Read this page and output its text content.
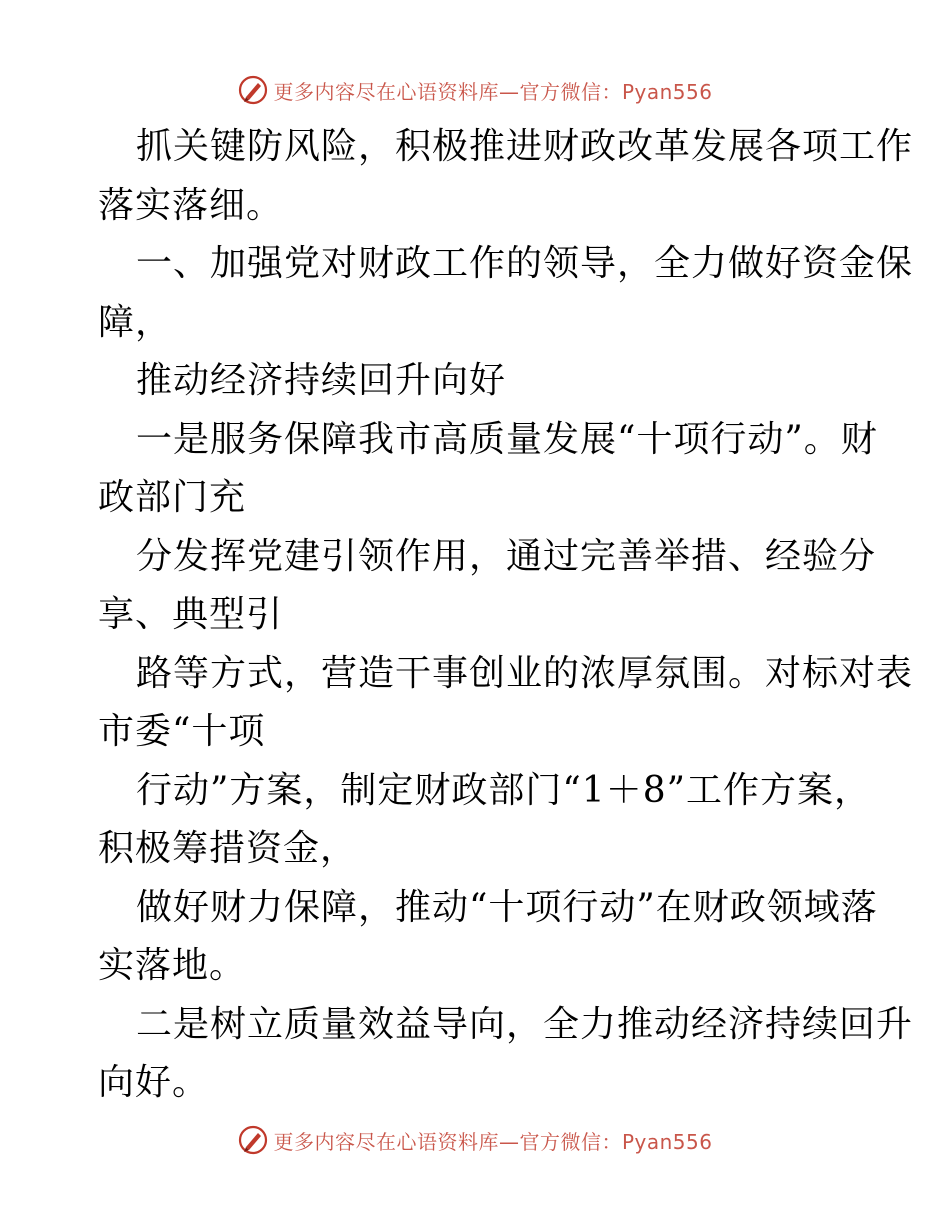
更多内容尽在心语资料库—官方微信：Pyan556
抓关键防风险，积极推进财政改革发展各项工作
落实落细。
一、加强党对财政工作的领导，全力做好资金保
障，
推动经济持续回升向好
一是服务保障我市高质量发展“十项行动”。财
政部门充
分发挥党建引领作用，通过完善举措、经验分
享、典型引
路等方式，营造干事创业的浓厚氛围。对标对表
市委“十项
行动”方案，制定财政部门“1＋8”工作方案，
积极筹措资金，
做好财力保障，推动“十项行动”在财政领域落
实落地。
二是树立质量效益导向，全力推动经济持续回升
向好。
更多内容尽在心语资料库—官方微信：Pyan556
